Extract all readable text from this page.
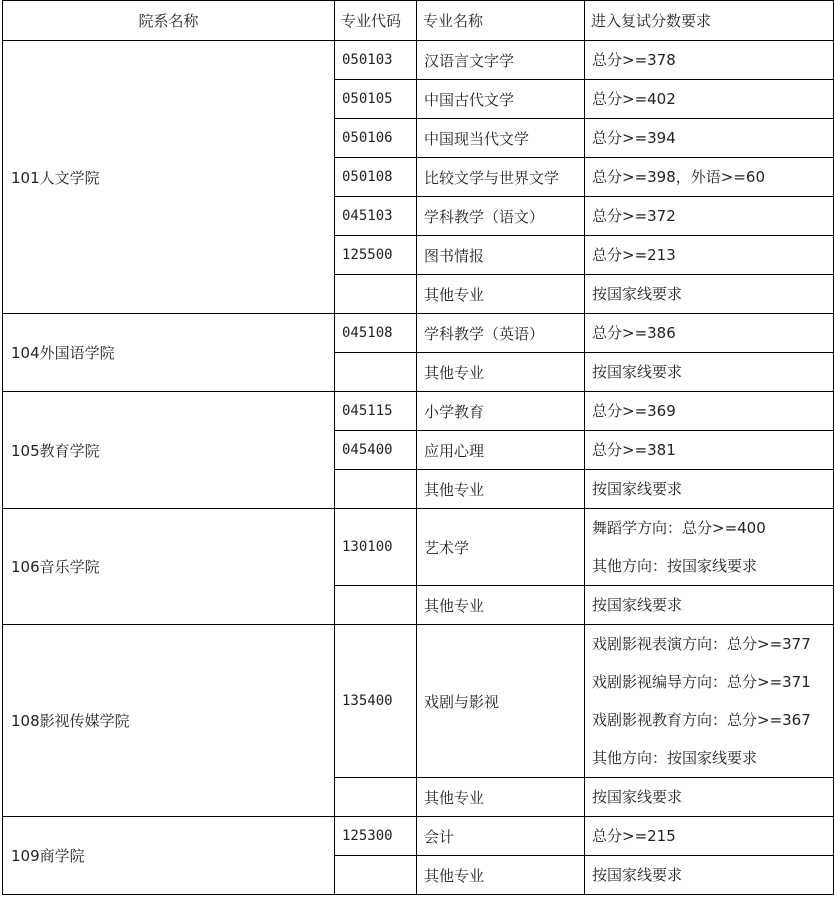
院系名称	专业代码	专业名称	进入复试分数要求
101人文学院	050103	汉语言文字学	总分>=378

	050105	中国古代文学	总分>=402

	050106	中国现当代文学	总分>=394

	050108	比较文学与世界文学	总分>=398，外语>=60

	045103	学科教学（语文）	总分>=372

	125500	图书情报	总分>=213

		其他专业	按国家线要求

104外国语学院	045108	学科教学（英语）	总分>=386

		其他专业	按国家线要求

105教育学院	045115	小学教育	总分>=369

	045400	应用心理	总分>=381

		其他专业	按国家线要求

106音乐学院	130100	艺术学	舞蹈学方向：总分>=400
其他方向：按国家线要求

		其他专业	按国家线要求

108影视传媒学院	135400	戏剧与影视	戏剧影视表演方向：总分>=377
戏剧影视编导方向：总分>=371
戏剧影视教育方向：总分>=367
其他方向：按国家线要求

		其他专业	按国家线要求

109商学院	125300	会计	总分>=215

		其他专业	按国家线要求
